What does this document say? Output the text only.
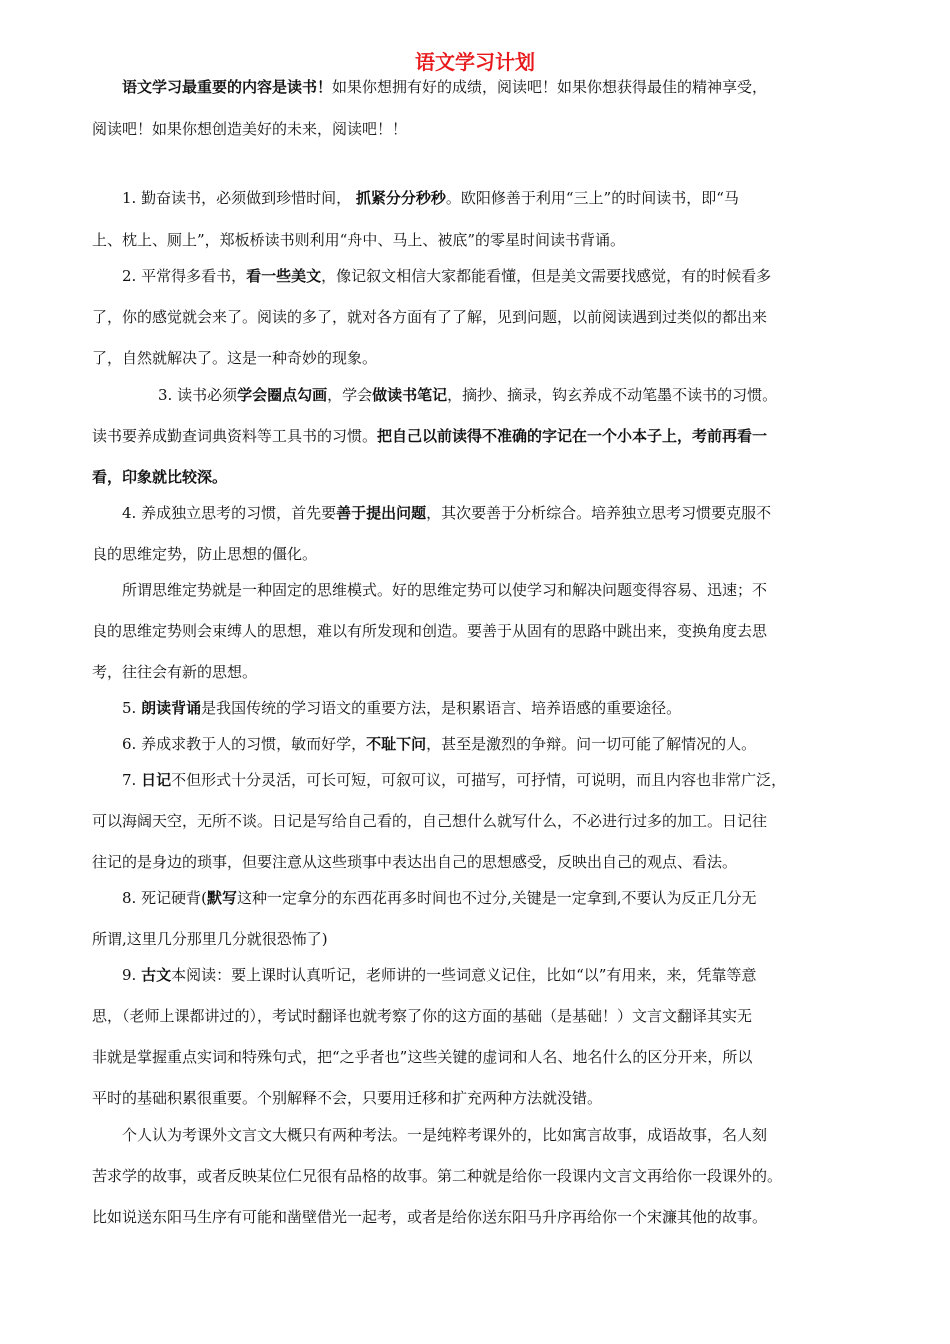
语文学习计划
语文学习最重要的内容是读书！如果你想拥有好的成绩，阅读吧！如果你想获得最佳的精神享受，
阅读吧！如果你想创造美好的未来，阅读吧！！
1. 勤奋读书，必须做到珍惜时间， 抓紧分分秒秒。欧阳修善于利用“三上”的时间读书，即“马
上、枕上、厕上”，郑板桥读书则利用“舟中、马上、被底”的零星时间读书背诵。
2. 平常得多看书，看一些美文，像记叙文相信大家都能看懂，但是美文需要找感觉，有的时候看多
了，你的感觉就会来了。阅读的多了，就对各方面有了了解，见到问题，以前阅读遇到过类似的都出来
了，自然就解决了。这是一种奇妙的现象。
3. 读书必须学会圈点勾画，学会做读书笔记，摘抄、摘录，钩玄养成不动笔墨不读书的习惯。
读书要养成勤查词典资料等工具书的习惯。把自己以前读得不准确的字记在一个小本子上，考前再看一
看，印象就比较深。
4. 养成独立思考的习惯，首先要善于提出问题，其次要善于分析综合。培养独立思考习惯要克服不
良的思维定势，防止思想的僵化。
所谓思维定势就是一种固定的思维模式。好的思维定势可以使学习和解决问题变得容易、迅速；不
良的思维定势则会束缚人的思想，难以有所发现和创造。要善于从固有的思路中跳出来，变换角度去思
考，往往会有新的思想。
5. 朗读背诵是我国传统的学习语文的重要方法，是积累语言、培养语感的重要途径。
6. 养成求教于人的习惯，敏而好学，不耻下问，甚至是激烈的争辩。问一切可能了解情况的人。
7. 日记不但形式十分灵活，可长可短，可叙可议，可描写，可抒情，可说明，而且内容也非常广泛，
可以海阔天空，无所不谈。日记是写给自己看的，自己想什么就写什么，不必进行过多的加工。日记往
往记的是身边的琐事，但要注意从这些琐事中表达出自己的思想感受，反映出自己的观点、看法。
8. 死记硬背(默写这种一定拿分的东西花再多时间也不过分,关键是一定拿到,不要认为反正几分无
所谓,这里几分那里几分就很恐怖了)
9. 古文本阅读：要上课时认真听记，老师讲的一些词意义记住，比如“以”有用来，来，凭靠等意
思，（老师上课都讲过的），考试时翻译也就考察了你的这方面的基础（是基础！）文言文翻译其实无
非就是掌握重点实词和特殊句式，把“之乎者也”这些关键的虚词和人名、地名什么的区分开来，所以
平时的基础积累很重要。个别解释不会，只要用迁移和扩充两种方法就没错。
个人认为考课外文言文大概只有两种考法。一是纯粹考课外的，比如寓言故事，成语故事，名人刻
苦求学的故事，或者反映某位仁兄很有品格的故事。第二种就是给你一段课内文言文再给你一段课外的。
比如说送东阳马生序有可能和凿壁借光一起考，或者是给你送东阳马升序再给你一个宋濂其他的故事。
